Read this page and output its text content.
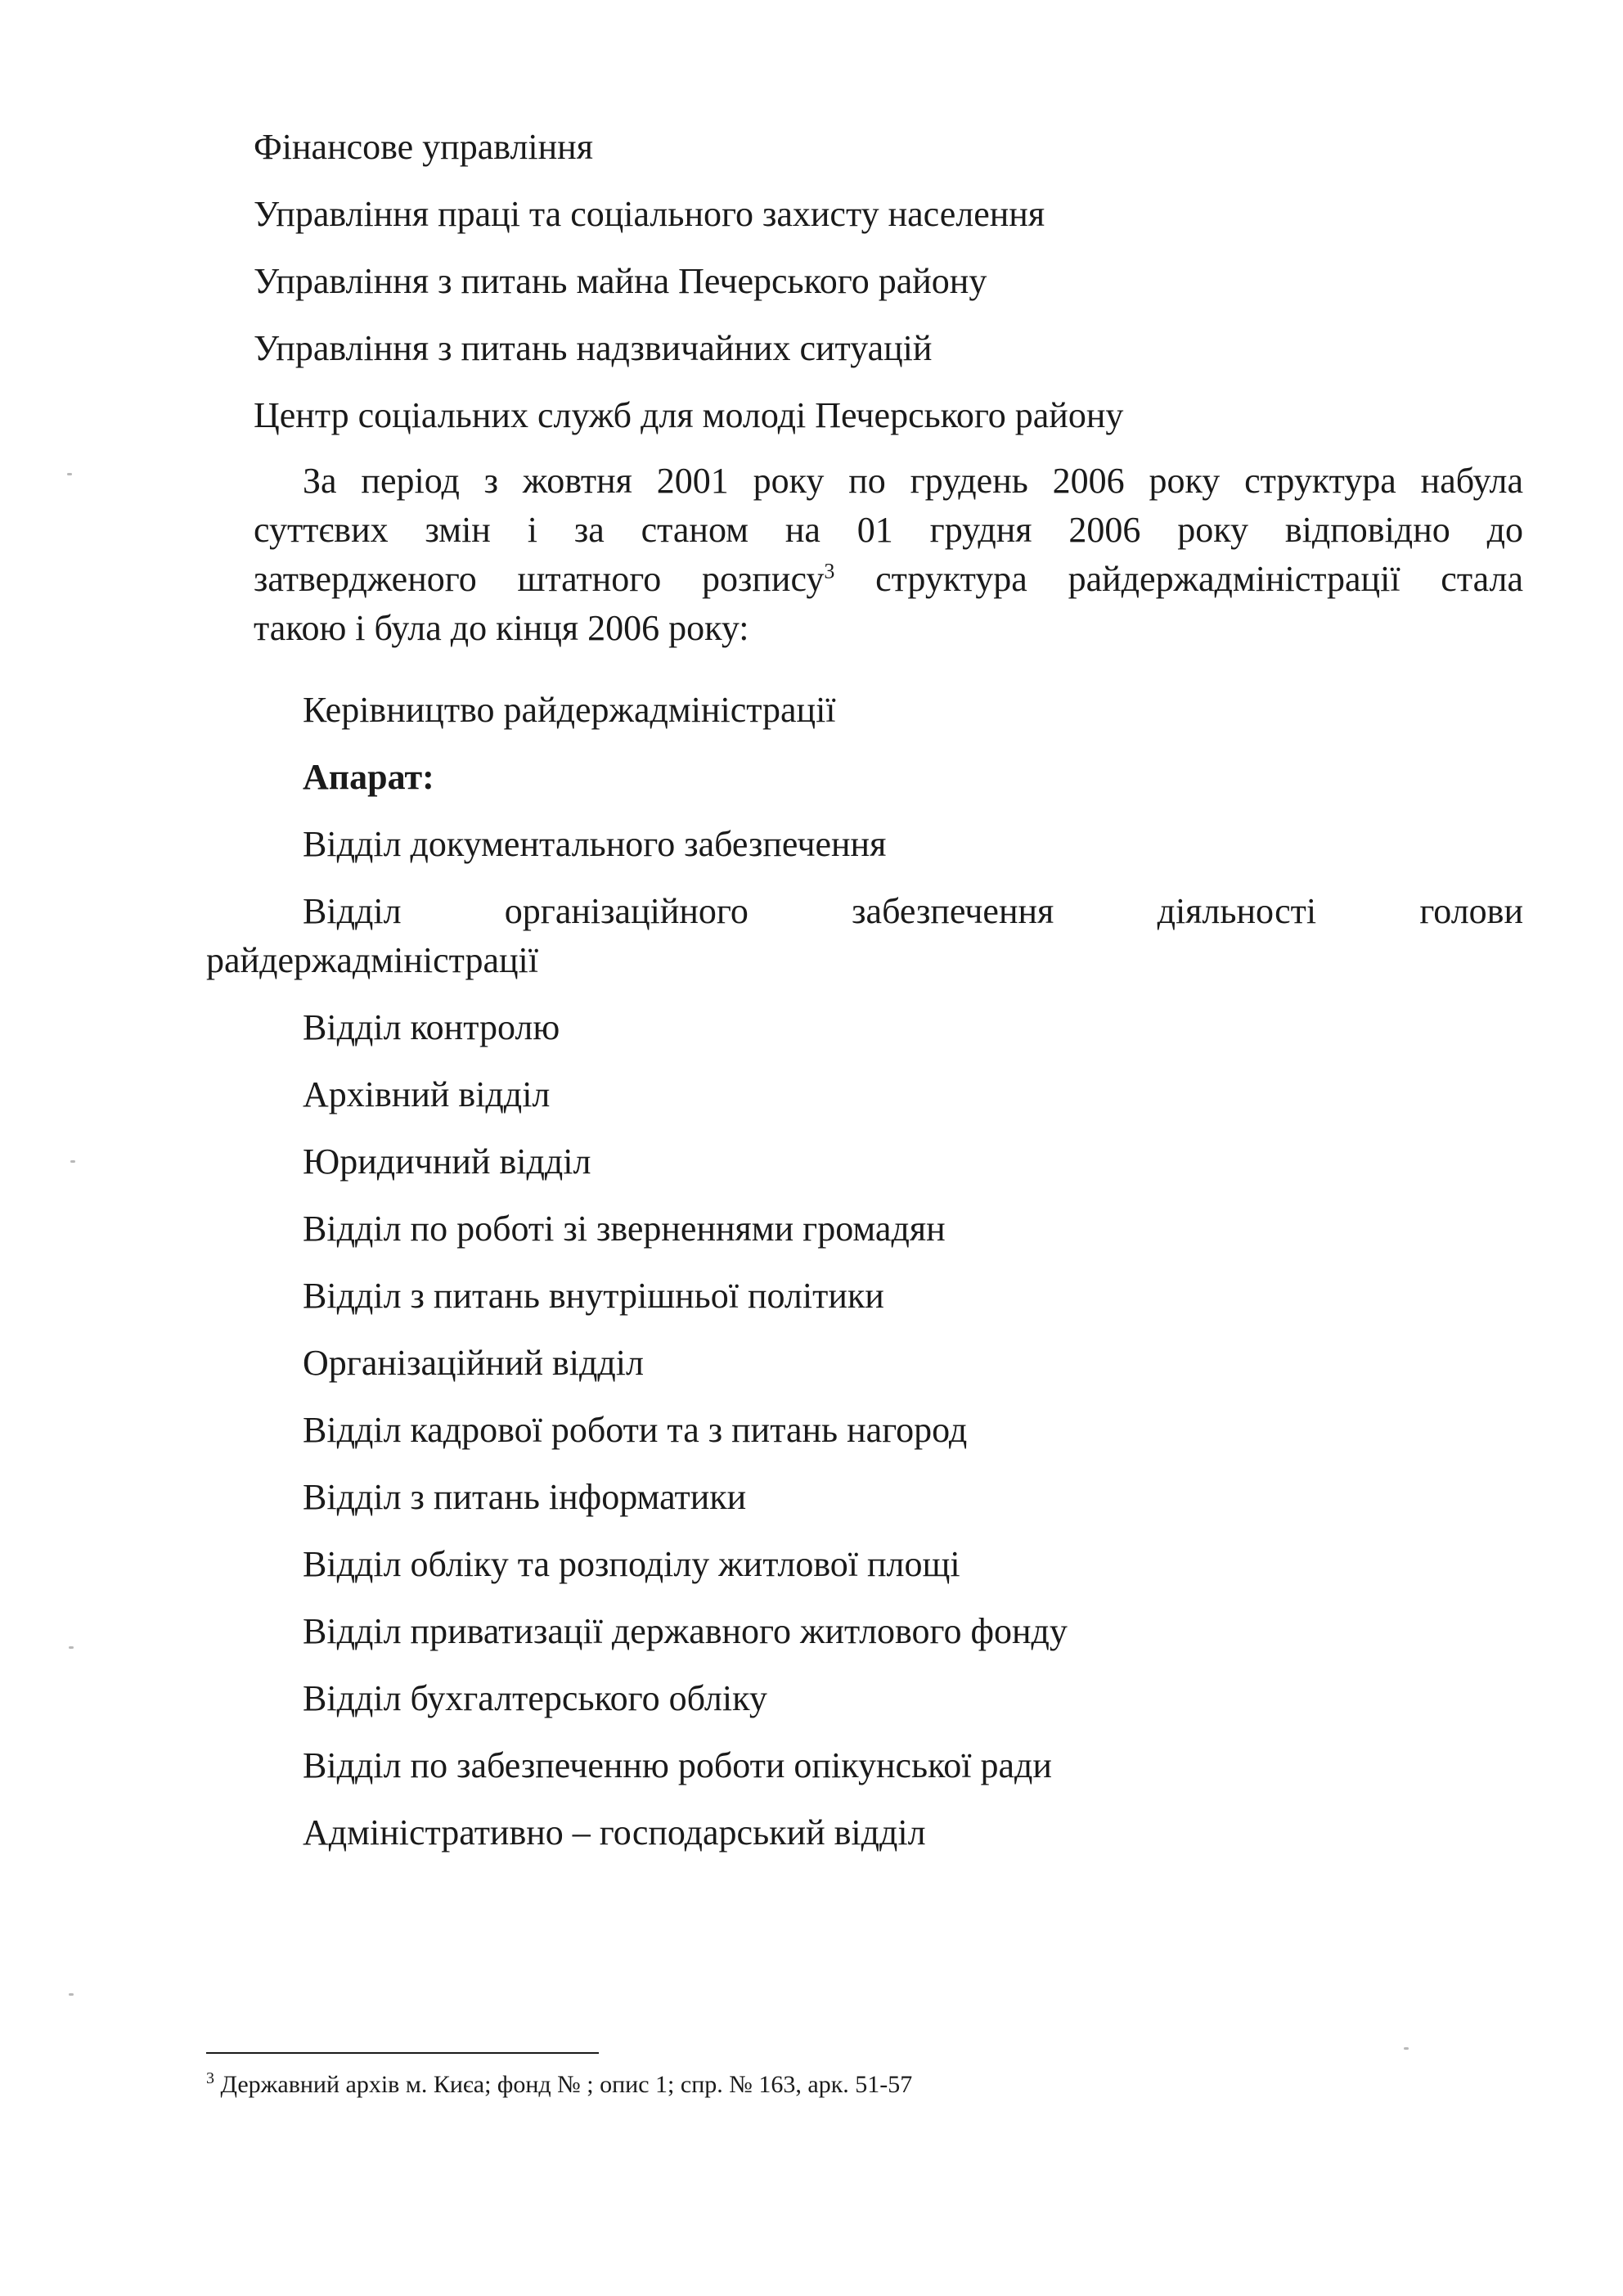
Фінансове управління
Управління праці та соціального захисту населення
Управління з питань майна Печерського району
Управління з питань надзвичайних ситуацій
Центр соціальних служб для молоді Печерського району
За період з жовтня 2001 року по грудень 2006 року структура набула
суттєвих змін і за станом на 01 грудня 2006 року відповідно до
затвердженого штатного розпису$^3$ структура райдержадміністрації стала
такою і була до кінця 2006 року:
Керівництво райдержадміністрації
Апарат:
Відділ документального забезпечення
Відділ організаційного забезпечення діяльності голови
райдержадміністрації
Відділ контролю
Архівний відділ
Юридичний відділ
Відділ по роботі зі зверненнями громадян
Відділ з питань внутрішньої політики
Організаційний відділ
Відділ кадрової роботи та з питань нагород
Відділ з питань інформатики
Відділ обліку та розподілу житлової площі
Відділ приватизації державного житлового фонду
Відділ бухгалтерського обліку
Відділ по забезпеченню роботи опікунської ради
Адміністративно – господарський відділ
$^3$ Державний архів м. Києа; фонд № ; опис 1; спр. № 163, арк. 51-57
